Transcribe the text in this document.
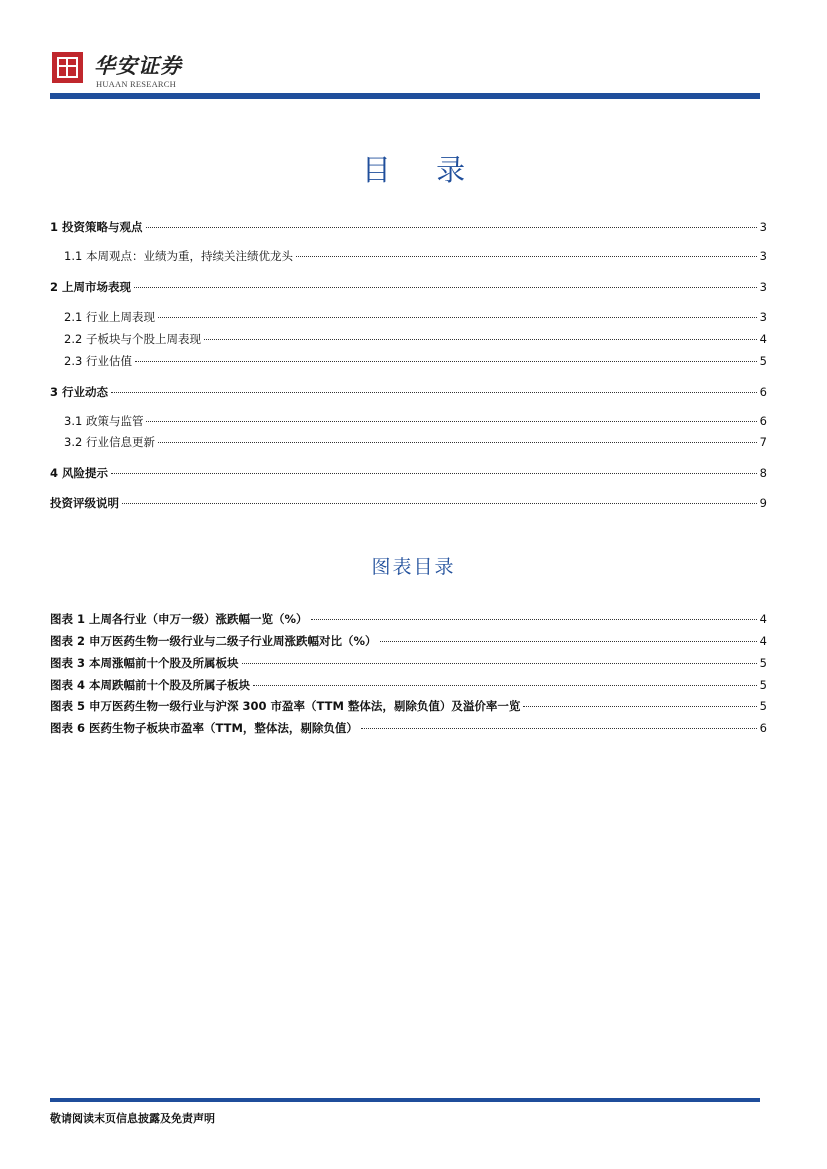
华安证券
HUAAN RESEARCH
目 录
1 投资策略与观点	3
1.1 本周观点：业绩为重，持续关注绩优龙头	3
2 上周市场表现	3
2.1 行业上周表现	3
2.2 子板块与个股上周表现	4
2.3 行业估值	5
3 行业动态	6
3.1 政策与监管	6
3.2 行业信息更新	7
4 风险提示	8
投资评级说明	9
图表 1 上周各行业（申万一级）涨跌幅一览（%）	4
图表 2 申万医药生物一级行业与二级子行业周涨跌幅对比（%）	4
图表 3 本周涨幅前十个股及所属板块	5
图表 4 本周跌幅前十个股及所属子板块	5
图表 5 申万医药生物一级行业与沪深 300 市盈率（TTM 整体法，剔除负值）及溢价率一览	5
图表 6 医药生物子板块市盈率（TTM，整体法，剔除负值）	6
图表目录
敬请阅读末页信息披露及免责声明
